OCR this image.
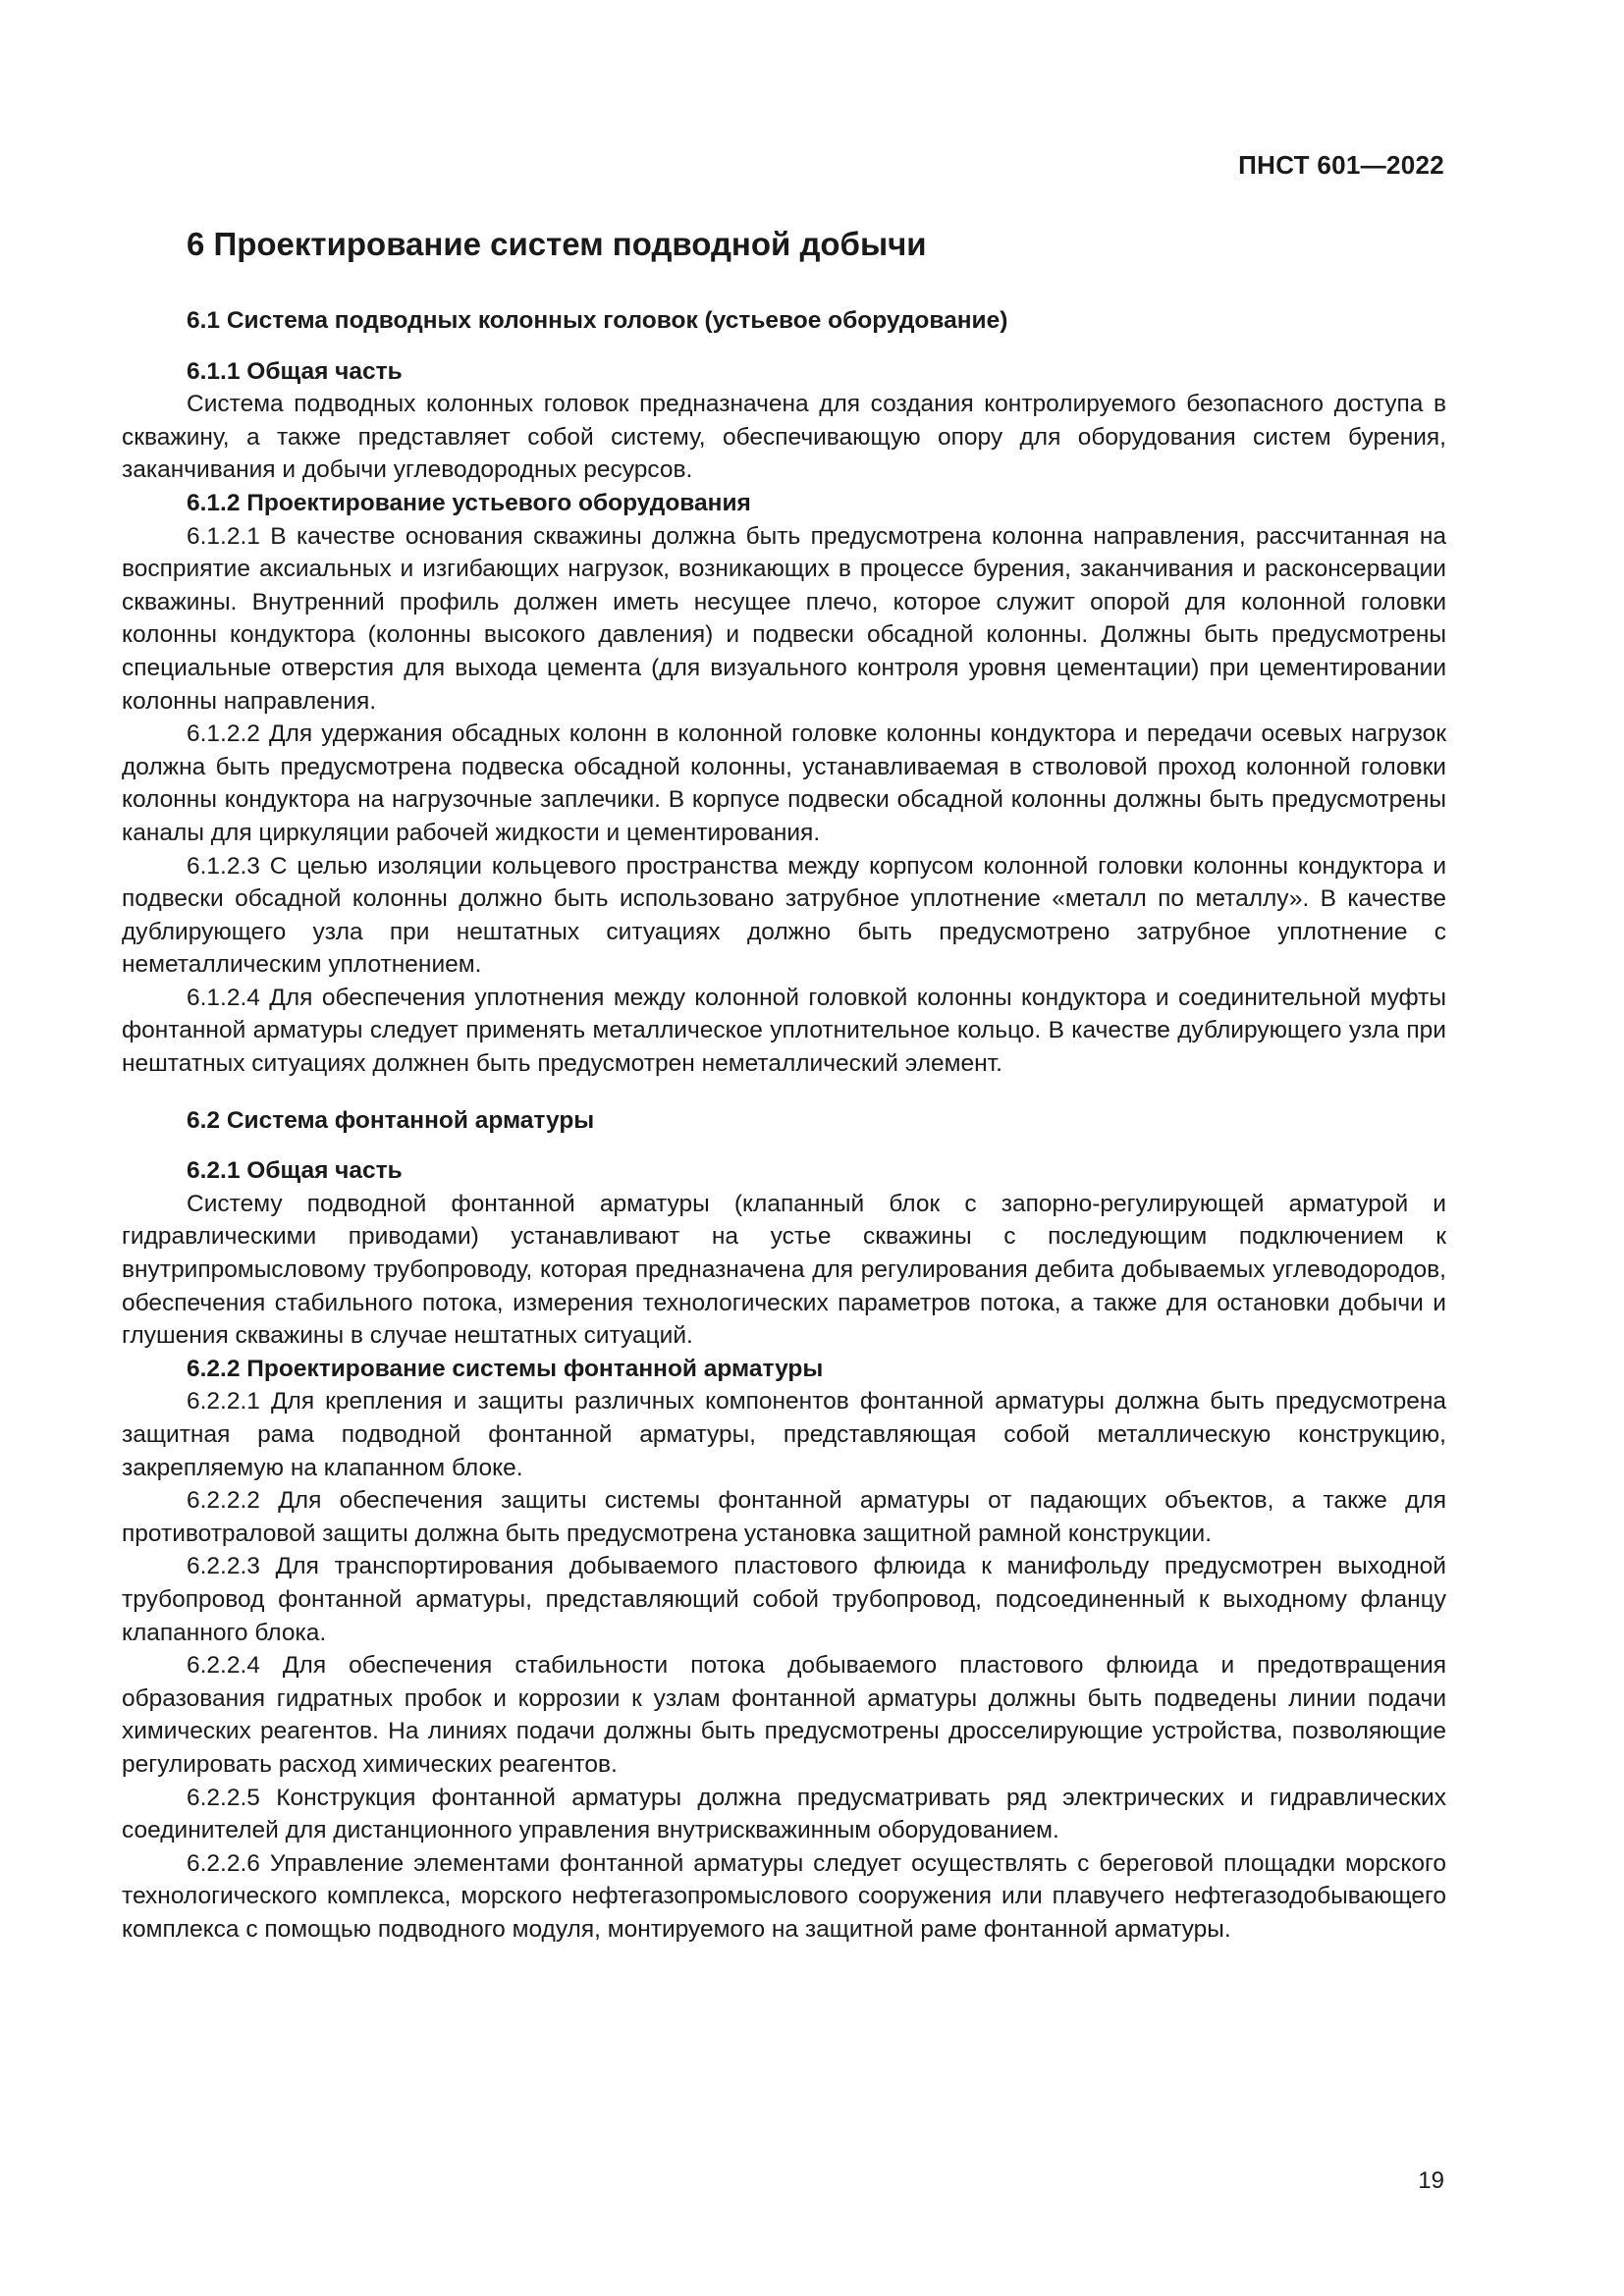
ПНСТ 601—2022
6 Проектирование систем подводной добычи
6.1 Система подводных колонных головок (устьевое оборудование)

6.1.1 Общая часть

Система подводных колонных головок предназначена для создания контролируемого безопасного доступа в скважину, а также представляет собой систему, обеспечивающую опору для оборудования систем бурения, заканчивания и добычи углеводородных ресурсов.

6.1.2 Проектирование устьевого оборудования

6.1.2.1 В качестве основания скважины должна быть предусмотрена колонна направления, рассчитанная на восприятие аксиальных и изгибающих нагрузок, возникающих в процессе бурения, заканчивания и расконсервации скважины. Внутренний профиль должен иметь несущее плечо, которое служит опорой для колонной головки колонны кондуктора (колонны высокого давления) и подвески обсадной колонны. Должны быть предусмотрены специальные отверстия для выхода цемента (для визуального контроля уровня цементации) при цементировании колонны направления.

6.1.2.2 Для удержания обсадных колонн в колонной головке колонны кондуктора и передачи осевых нагрузок должна быть предусмотрена подвеска обсадной колонны, устанавливаемая в стволовой проход колонной головки колонны кондуктора на нагрузочные заплечики. В корпусе подвески обсадной колонны должны быть предусмотрены каналы для циркуляции рабочей жидкости и цементирования.

6.1.2.3 С целью изоляции кольцевого пространства между корпусом колонной головки колонны кондуктора и подвески обсадной колонны должно быть использовано затрубное уплотнение «металл по металлу». В качестве дублирующего узла при нештатных ситуациях должно быть предусмотрено затрубное уплотнение с неметаллическим уплотнением.

6.1.2.4 Для обеспечения уплотнения между колонной головкой колонны кондуктора и соединительной муфты фонтанной арматуры следует применять металлическое уплотнительное кольцо. В качестве дублирующего узла при нештатных ситуациях должнен быть предусмотрен неметаллический элемент.

6.2 Система фонтанной арматуры

6.2.1 Общая часть

Систему подводной фонтанной арматуры (клапанный блок с запорно-регулирующей арматурой и гидравлическими приводами) устанавливают на устье скважины с последующим подключением к внутрипромысловому трубопроводу, которая предназначена для регулирования дебита добываемых углеводородов, обеспечения стабильного потока, измерения технологических параметров потока, а также для остановки добычи и глушения скважины в случае нештатных ситуаций.

6.2.2 Проектирование системы фонтанной арматуры

6.2.2.1 Для крепления и защиты различных компонентов фонтанной арматуры должна быть предусмотрена защитная рама подводной фонтанной арматуры, представляющая собой металлическую конструкцию, закрепляемую на клапанном блоке.

6.2.2.2 Для обеспечения защиты системы фонтанной арматуры от падающих объектов, а также для противотраловой защиты должна быть предусмотрена установка защитной рамной конструкции.

6.2.2.3 Для транспортирования добываемого пластового флюида к манифольду предусмотрен выходной трубопровод фонтанной арматуры, представляющий собой трубопровод, подсоединенный к выходному фланцу клапанного блока.

6.2.2.4 Для обеспечения стабильности потока добываемого пластового флюида и предотвращения образования гидратных пробок и коррозии к узлам фонтанной арматуры должны быть подведены линии подачи химических реагентов. На линиях подачи должны быть предусмотрены дросселирующие устройства, позволяющие регулировать расход химических реагентов.

6.2.2.5 Конструкция фонтанной арматуры должна предусматривать ряд электрических и гидравлических соединителей для дистанционного управления внутрискважинным оборудованием.

6.2.2.6 Управление элементами фонтанной арматуры следует осуществлять с береговой площадки морского технологического комплекса, морского нефтегазопромыслового сооружения или плавучего нефтегазодобывающего комплекса с помощью подводного модуля, монтируемого на защитной раме фонтанной арматуры.

19
